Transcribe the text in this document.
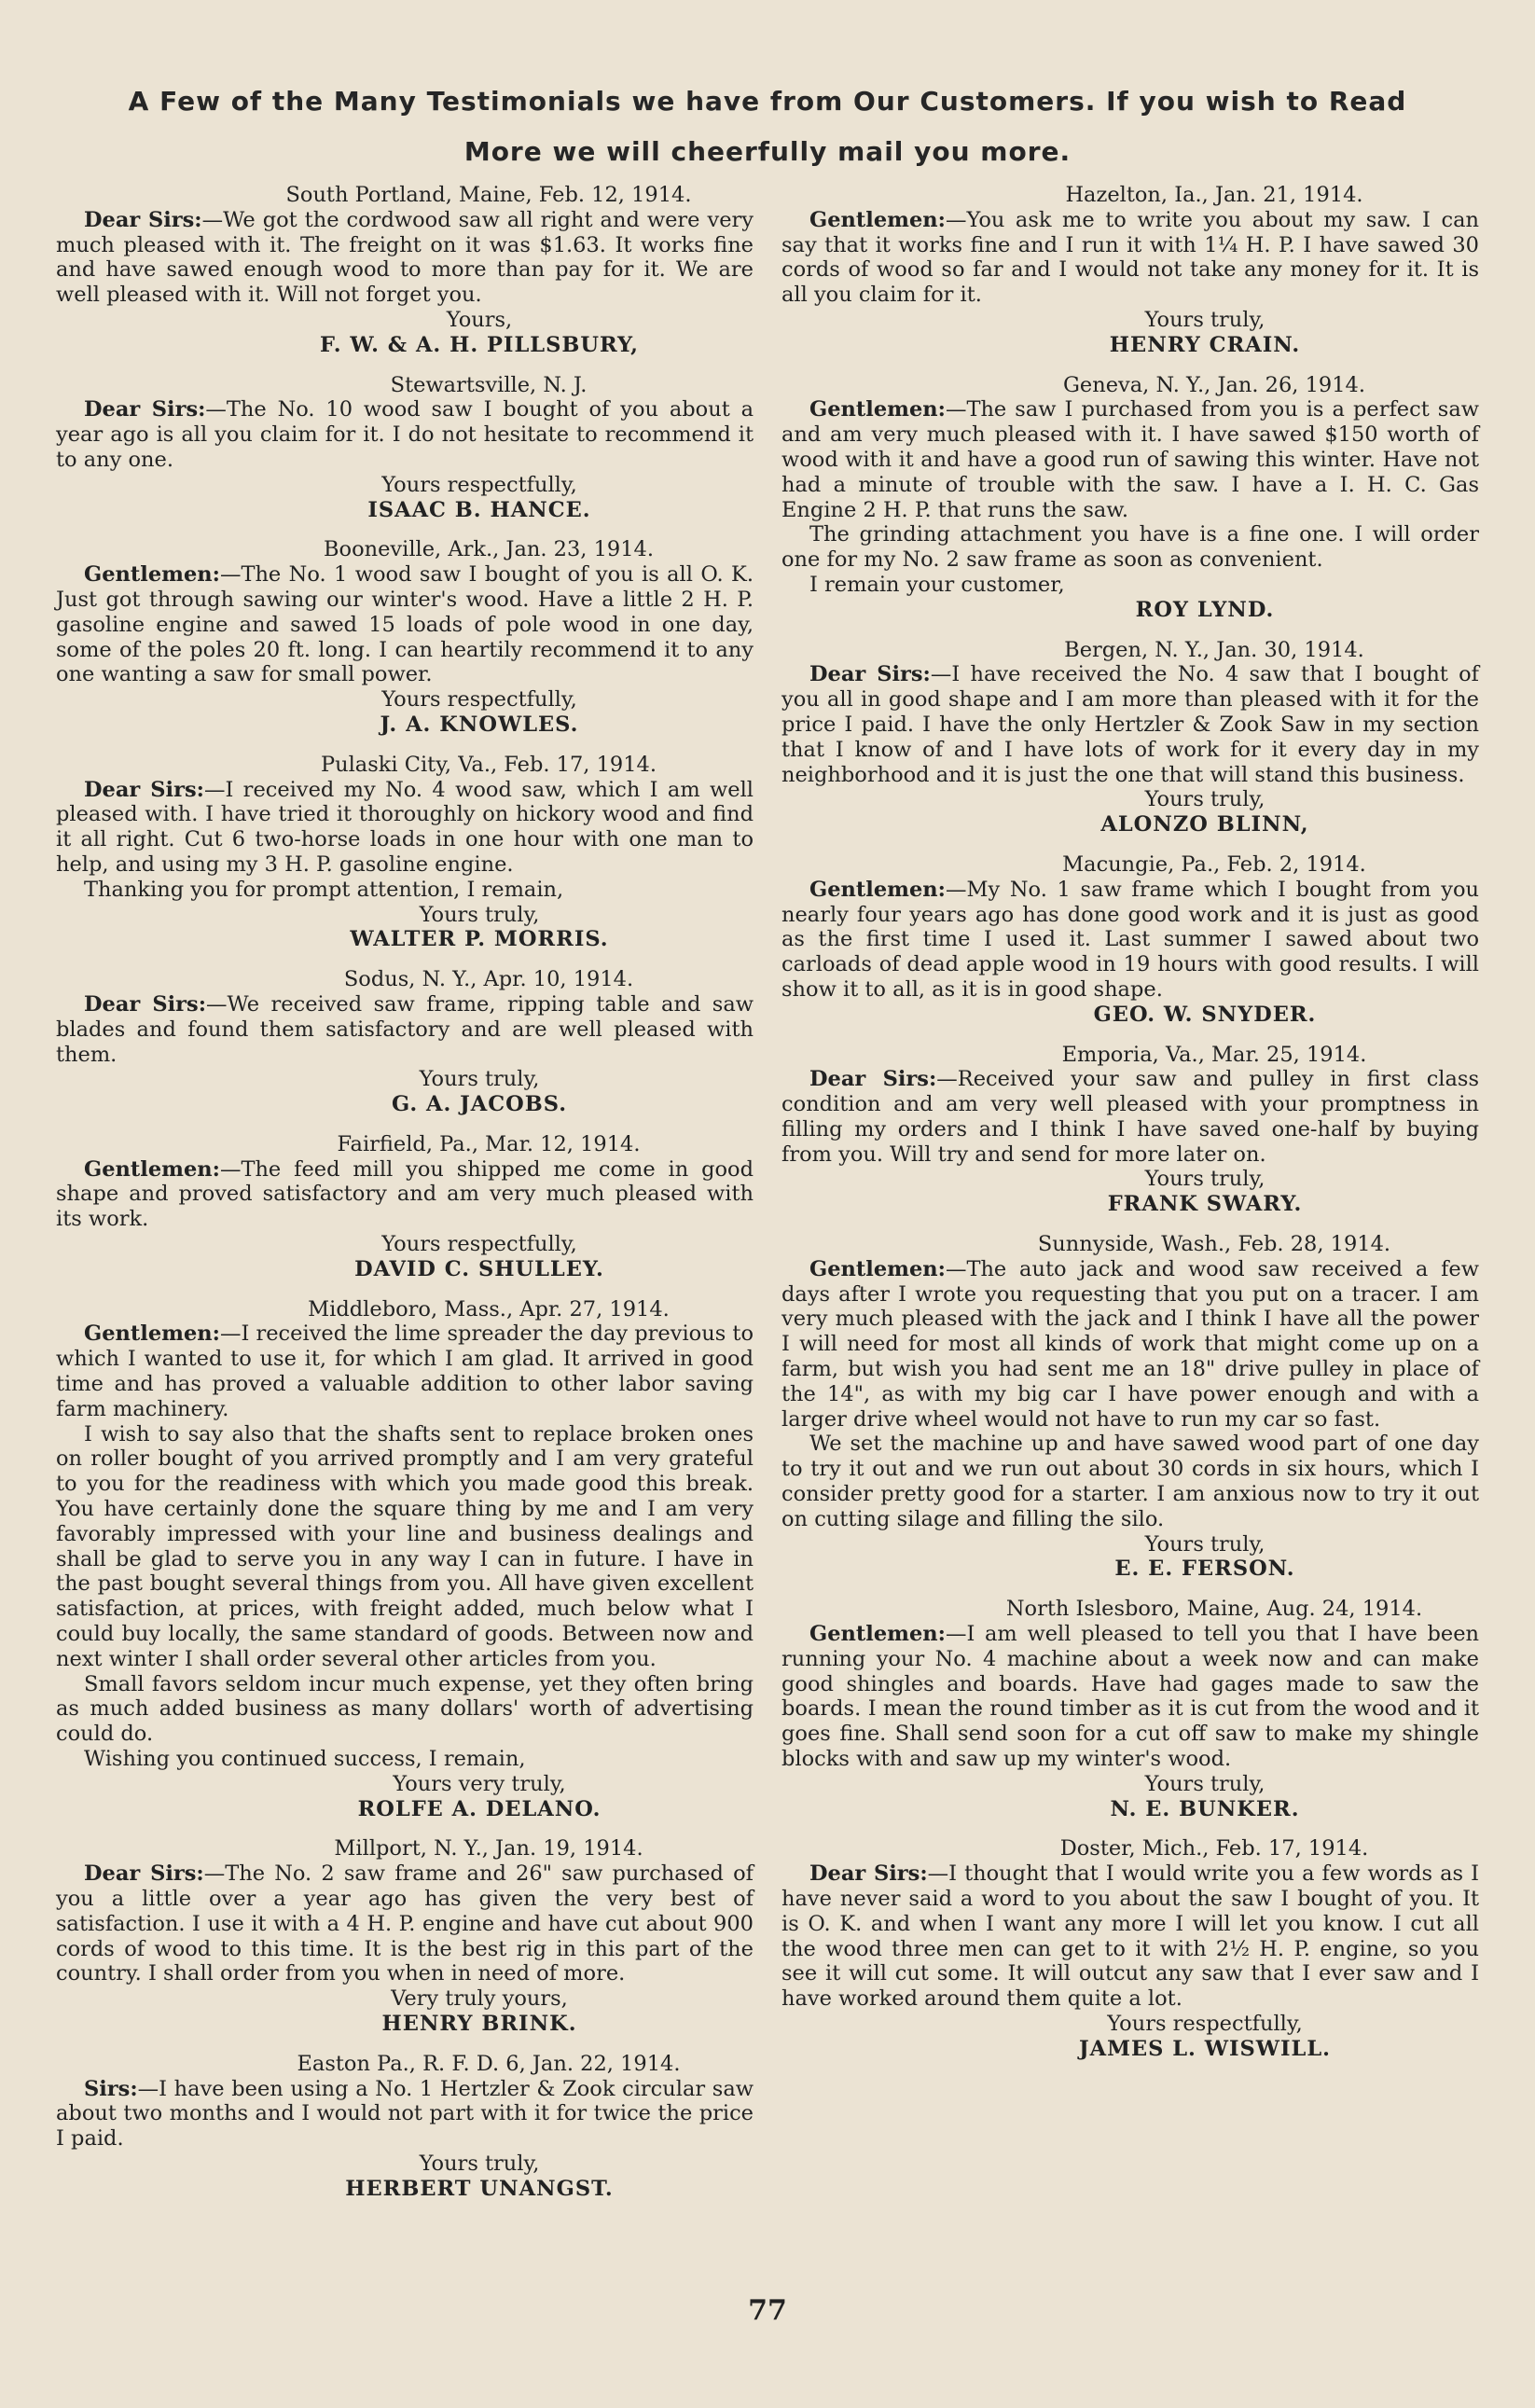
A Few of the Many Testimonials we have from Our Customers. If you wish to Read
More we will cheerfully mail you more.
South Portland, Maine, Feb. 12, 1914.

Dear Sirs:—We got the cordwood saw all right and were very much pleased with it. The freight on it was $1.63. It works fine and have sawed enough wood to more than pay for it. We are well pleased with it. Will not forget you.

Yours,
F. W. & A. H. PILLSBURY,
Stewartsville, N. J.

Dear Sirs:—The No. 10 wood saw I bought of you about a year ago is all you claim for it. I do not hesitate to recommend it to any one.

Yours respectfully,
ISAAC B. HANCE.
Booneville, Ark., Jan. 23, 1914.

Gentlemen:—The No. 1 wood saw I bought of you is all O. K. Just got through sawing our winter's wood. Have a little 2 H. P. gasoline engine and sawed 15 loads of pole wood in one day, some of the poles 20 ft. long. I can heartily recommend it to any one wanting a saw for small power.

Yours respectfully,
J. A. KNOWLES.
Pulaski City, Va., Feb. 17, 1914.

Dear Sirs:—I received my No. 4 wood saw, which I am well pleased with. I have tried it thoroughly on hickory wood and find it all right. Cut 6 two-horse loads in one hour with one man to help, and using my 3 H. P. gasoline engine.

Thanking you for prompt attention, I remain,

Yours truly,
WALTER P. MORRIS.
Sodus, N. Y., Apr. 10, 1914.

Dear Sirs:—We received saw frame, ripping table and saw blades and found them satisfactory and are well pleased with them.

Yours truly,
G. A. JACOBS.
Fairfield, Pa., Mar. 12, 1914.

Gentlemen:—The feed mill you shipped me come in good shape and proved satisfactory and am very much pleased with its work.

Yours respectfully,
DAVID C. SHULLEY.
Middleboro, Mass., Apr. 27, 1914.

Gentlemen:—I received the lime spreader the day previous to which I wanted to use it, for which I am glad. It arrived in good time and has proved a valuable addition to other labor saving farm machinery.

I wish to say also that the shafts sent to replace broken ones on roller bought of you arrived promptly and I am very grateful to you for the readiness with which you made good this break. You have certainly done the square thing by me and I am very favorably impressed with your line and business dealings and shall be glad to serve you in any way I can in future. I have in the past bought several things from you. All have given excellent satisfaction, at prices, with freight added, much below what I could buy locally, the same standard of goods. Between now and next winter I shall order several other articles from you.

Small favors seldom incur much expense, yet they often bring as much added business as many dollars' worth of advertising could do.

Wishing you continued success, I remain,

Yours very truly,
ROLFE A. DELANO.
Millport, N. Y., Jan. 19, 1914.

Dear Sirs:—The No. 2 saw frame and 26" saw purchased of you a little over a year ago has given the very best of satisfaction. I use it with a 4 H. P. engine and have cut about 900 cords of wood to this time. It is the best rig in this part of the country. I shall order from you when in need of more.

Very truly yours,
HENRY BRINK.
Easton Pa., R. F. D. 6, Jan. 22, 1914.

Sirs:—I have been using a No. 1 Hertzler & Zook circular saw about two months and I would not part with it for twice the price I paid.

Yours truly,
HERBERT UNANGST.
Hazelton, Ia., Jan. 21, 1914.

Gentlemen:—You ask me to write you about my saw. I can say that it works fine and I run it with 1¼ H. P. I have sawed 30 cords of wood so far and I would not take any money for it. It is all you claim for it.

Yours truly,
HENRY CRAIN.
Geneva, N. Y., Jan. 26, 1914.

Gentlemen:—The saw I purchased from you is a perfect saw and am very much pleased with it. I have sawed $150 worth of wood with it and have a good run of sawing this winter. Have not had a minute of trouble with the saw. I have a I. H. C. Gas Engine 2 H. P. that runs the saw.

The grinding attachment you have is a fine one. I will order one for my No. 2 saw frame as soon as convenient.

I remain your customer,

ROY LYND.
Bergen, N. Y., Jan. 30, 1914.

Dear Sirs:—I have received the No. 4 saw that I bought of you all in good shape and I am more than pleased with it for the price I paid. I have the only Hertzler & Zook Saw in my section that I know of and I have lots of work for it every day in my neighborhood and it is just the one that will stand this business.

Yours truly,
ALONZO BLINN,
Macungie, Pa., Feb. 2, 1914.

Gentlemen:—My No. 1 saw frame which I bought from you nearly four years ago has done good work and it is just as good as the first time I used it. Last summer I sawed about two carloads of dead apple wood in 19 hours with good results. I will show it to all, as it is in good shape.

GEO. W. SNYDER.
Emporia, Va., Mar. 25, 1914.

Dear Sirs:—Received your saw and pulley in first class condition and am very well pleased with your promptness in filling my orders and I think I have saved one-half by buying from you. Will try and send for more later on.

Yours truly,
FRANK SWARY.
Sunnyside, Wash., Feb. 28, 1914.

Gentlemen:—The auto jack and wood saw received a few days after I wrote you requesting that you put on a tracer. I am very much pleased with the jack and I think I have all the power I will need for most all kinds of work that might come up on a farm, but wish you had sent me an 18" drive pulley in place of the 14", as with my big car I have power enough and with a larger drive wheel would not have to run my car so fast.

We set the machine up and have sawed wood part of one day to try it out and we run out about 30 cords in six hours, which I consider pretty good for a starter. I am anxious now to try it out on cutting silage and filling the silo.

Yours truly,
E. E. FERSON.
North Islesboro, Maine, Aug. 24, 1914.

Gentlemen:—I am well pleased to tell you that I have been running your No. 4 machine about a week now and can make good shingles and boards. Have had gages made to saw the boards. I mean the round timber as it is cut from the wood and it goes fine. Shall send soon for a cut off saw to make my shingle blocks with and saw up my winter's wood.

Yours truly,
N. E. BUNKER.
Doster, Mich., Feb. 17, 1914.

Dear Sirs:—I thought that I would write you a few words as I have never said a word to you about the saw I bought of you. It is O. K. and when I want any more I will let you know. I cut all the wood three men can get to it with 2½ H. P. engine, so you see it will cut some. It will outcut any saw that I ever saw and I have worked around them quite a lot.

Yours respectfully,
JAMES L. WISWILL.
77
